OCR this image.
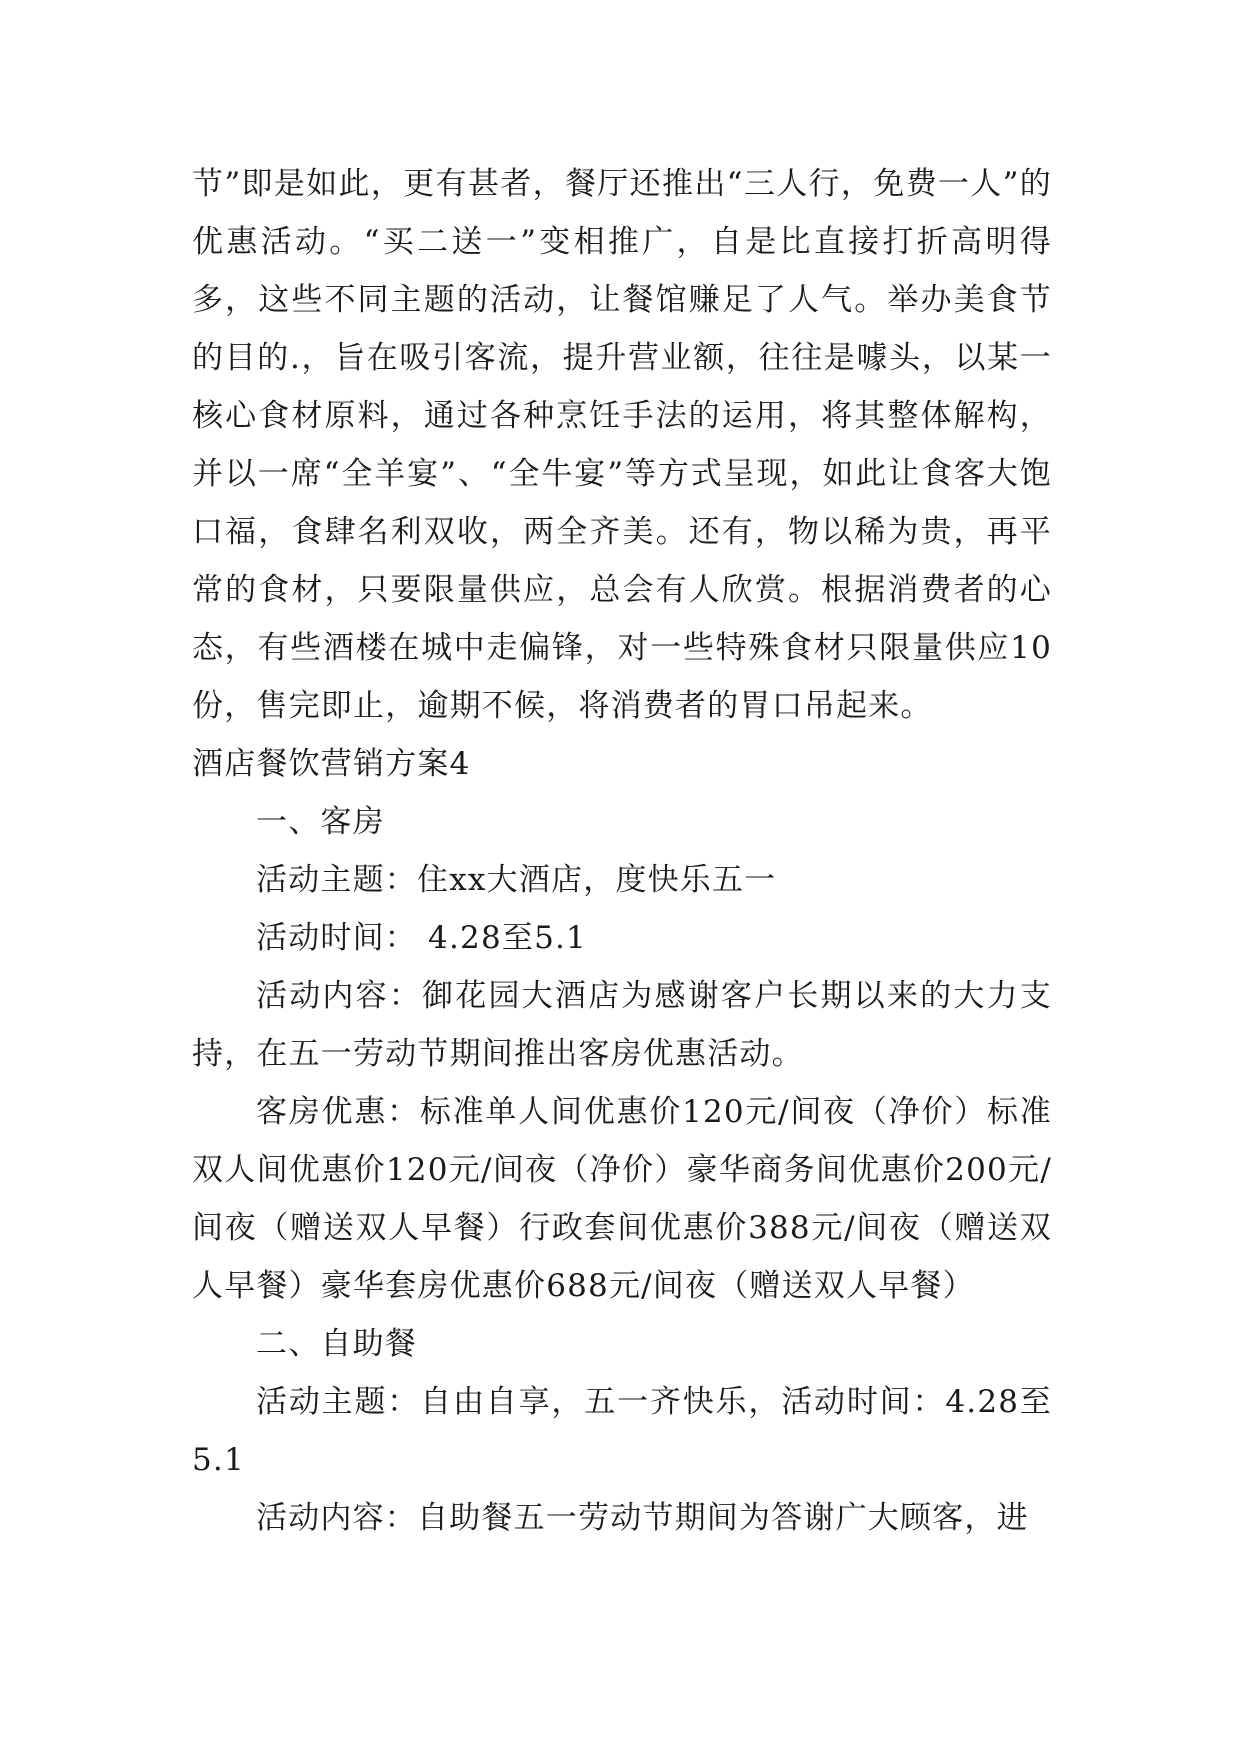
节”即是如此，更有甚者，餐厅还推出“三人行，免费一人”的优惠活动。“买二送一”变相推广，自是比直接打折高明得多，这些不同主题的活动，让餐馆赚足了人气。举办美食节的目的.，旨在吸引客流，提升营业额，往往是噱头，以某一核心食材原料，通过各种烹饪手法的运用，将其整体解构，并以一席“全羊宴”、“全牛宴”等方式呈现，如此让食客大饱口福，食肆名利双收，两全齐美。还有，物以稀为贵，再平常的食材，只要限量供应，总会有人欣赏。根据消费者的心态，有些酒楼在城中走偏锋，对一些特殊食材只限量供应10份，售完即止，逾期不候，将消费者的胃口吊起来。

酒店餐饮营销方案4

一、客房

活动主题：住xx大酒店，度快乐五一

活动时间： 4.28至5.1

活动内容：御花园大酒店为感谢客户长期以来的大力支持，在五一劳动节期间推出客房优惠活动。

客房优惠：标准单人间优惠价120元/间夜（净价）标准双人间优惠价120元/间夜（净价）豪华商务间优惠价200元/间夜（赠送双人早餐）行政套间优惠价388元/间夜（赠送双人早餐）豪华套房优惠价688元/间夜（赠送双人早餐）

二、自助餐

活动主题：自由自享，五一齐快乐，活动时间：4.28至5.1

活动内容：自助餐五一劳动节期间为答谢广大顾客，进
